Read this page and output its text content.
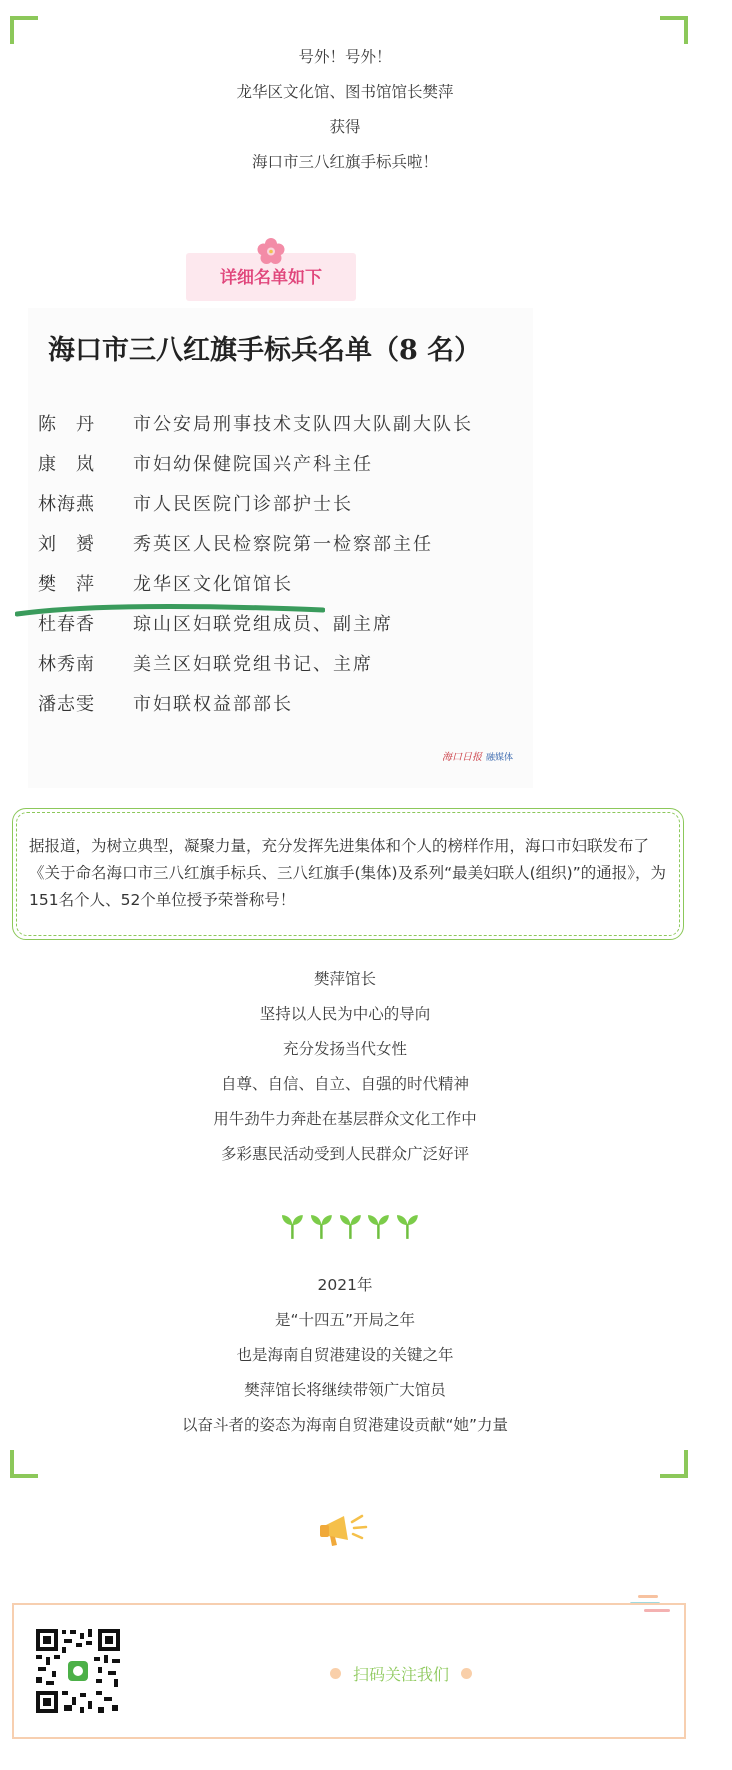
号外！号外！
龙华区文化馆、图书馆馆长樊萍
获得
海口市三八红旗手标兵啦！
详细名单如下
海口市三八红旗手标兵名单（8 名）
陈　丹 市公安局刑事技术支队四大队副大队长
康　岚 市妇幼保健院国兴产科主任
林海燕 市人民医院门诊部护士长
刘　赟 秀英区人民检察院第一检察部主任
樊　萍 龙华区文化馆馆长
杜春香 琼山区妇联党组成员、副主席
林秀南 美兰区妇联党组书记、主席
潘志雯 市妇联权益部部长
海口日报 融媒体
据报道，为树立典型，凝聚力量，充分发挥先进集体和个人的榜样作用，海口市妇联发布了《关于命名海口市三八红旗手标兵、三八红旗手(集体)及系列“最美妇联人(组织)”的通报》，为151名个人、52个单位授予荣誉称号！
樊萍馆长
坚持以人民为中心的导向
充分发扬当代女性
自尊、自信、自立、自强的时代精神
用牛劲牛力奔赴在基层群众文化工作中
多彩惠民活动受到人民群众广泛好评
2021年
是“十四五”开局之年
也是海南自贸港建设的关键之年
樊萍馆长将继续带领广大馆员
以奋斗者的姿态为海南自贸港建设贡献“她”力量
扫码关注我们
